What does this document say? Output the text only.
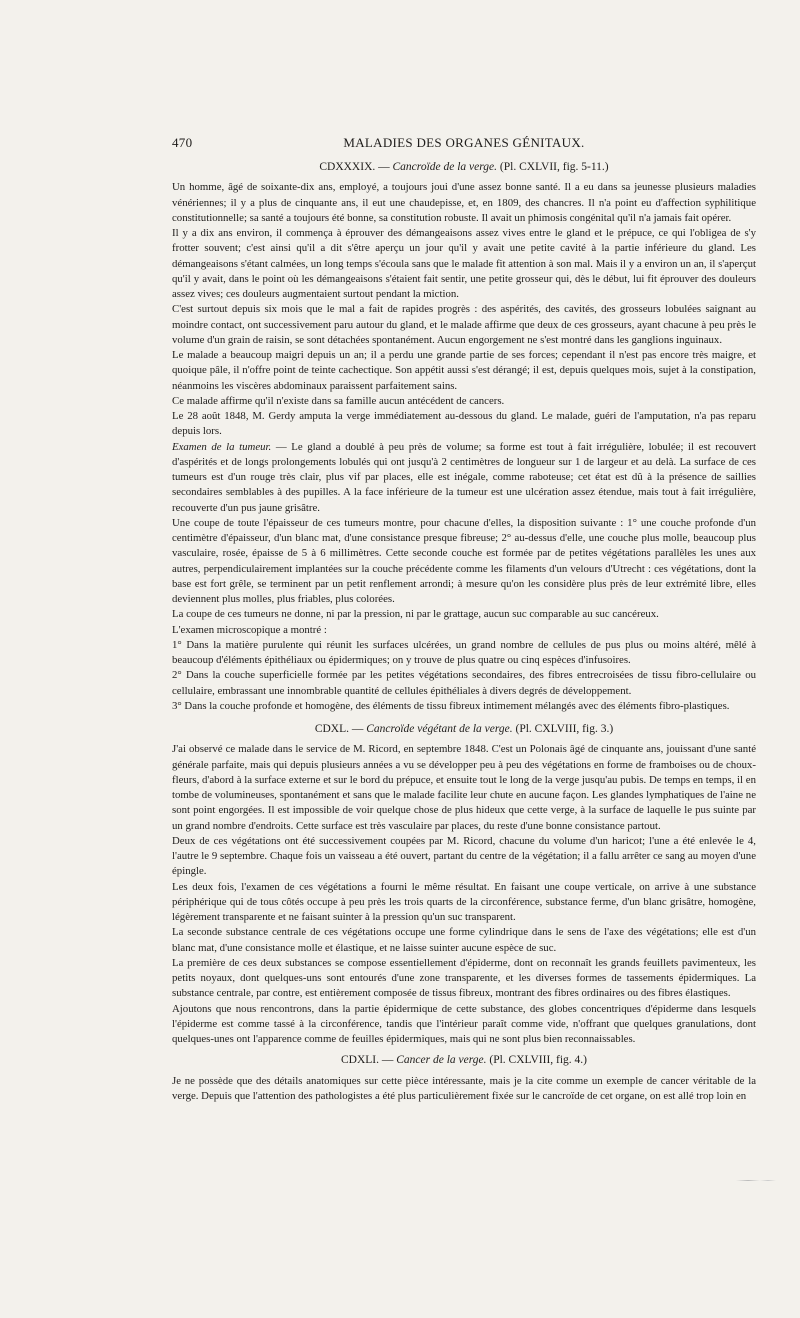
470	MALADIES DES ORGANES GÉNITAUX.
CDXXXIX. — Cancroïde de la verge. (Pl. CXLVII, fig. 5-11.)

Un homme, âgé de soixante-dix ans, employé, a toujours joui d'une assez bonne santé. Il a eu dans sa jeunesse plusieurs maladies vénériennes; il y a plus de cinquante ans, il eut une chaudepisse, et, en 1809, des chancres. Il n'a point eu d'affection syphilitique constitutionnelle; sa santé a toujours été bonne, sa constitution robuste. Il avait un phimosis congénital qu'il n'a jamais fait opérer.

Il y a dix ans environ, il commença à éprouver des démangeaisons assez vives entre le gland et le prépuce, ce qui l'obligea de s'y frotter souvent; c'est ainsi qu'il a dit s'être aperçu un jour qu'il y avait une petite cavité à la partie inférieure du gland. Les démangeaisons s'étant calmées, un long temps s'écoula sans que le malade fit attention à son mal. Mais il y a environ un an, il s'aperçut qu'il y avait, dans le point où les démangeaisons s'étaient fait sentir, une petite grosseur qui, dès le début, lui fit éprouver des douleurs assez vives; ces douleurs augmentaient surtout pendant la miction.

C'est surtout depuis six mois que le mal a fait de rapides progrès : des aspérités, des cavités, des grosseurs lobulées saignant au moindre contact, ont successivement paru autour du gland, et le malade affirme que deux de ces grosseurs, ayant chacune à peu près le volume d'un grain de raisin, se sont détachées spontanément. Aucun engorgement ne s'est montré dans les ganglions inguinaux.

Le malade a beaucoup maigri depuis un an; il a perdu une grande partie de ses forces; cependant il n'est pas encore très maigre, et quoique pâle, il n'offre point de teinte cachectique. Son appétit aussi s'est dérangé; il est, depuis quelques mois, sujet à la constipation, néanmoins les viscères abdominaux paraissent parfaitement sains.

Ce malade affirme qu'il n'existe dans sa famille aucun antécédent de cancers.

Le 28 août 1848, M. Gerdy amputa la verge immédiatement au-dessous du gland. Le malade, guéri de l'amputation, n'a pas reparu depuis lors.

Examen de la tumeur. — Le gland a doublé à peu près de volume; sa forme est tout à fait irrégulière, lobulée; il est recouvert d'aspérités et de longs prolongements lobulés qui ont jusqu'à 2 centimètres de longueur sur 1 de largeur et au delà. La surface de ces tumeurs est d'un rouge très clair, plus vif par places, elle est inégale, comme raboteuse; cet état est dû à la présence de saillies secondaires semblables à des pupilles. A la face inférieure de la tumeur est une ulcération assez étendue, mais tout à fait irrégulière, recouverte d'un pus jaune grisâtre.

Une coupe de toute l'épaisseur de ces tumeurs montre, pour chacune d'elles, la disposition suivante : 1° une couche profonde d'un centimètre d'épaisseur, d'un blanc mat, d'une consistance presque fibreuse; 2° au-dessus d'elle, une couche plus molle, beaucoup plus vasculaire, rosée, épaisse de 5 à 6 millimètres. Cette seconde couche est formée par de petites végétations parallèles les unes aux autres, perpendiculairement implantées sur la couche précédente comme les filaments d'un velours d'Utrecht : ces végétations, dont la base est fort grêle, se terminent par un petit renflement arrondi; à mesure qu'on les considère plus près de leur extrémité libre, elles deviennent plus molles, plus friables, plus colorées.

La coupe de ces tumeurs ne donne, ni par la pression, ni par le grattage, aucun suc comparable au suc cancéreux.

L'examen microscopique a montré :

1° Dans la matière purulente qui réunit les surfaces ulcérées, un grand nombre de cellules de pus plus ou moins altéré, mêlé à beaucoup d'éléments épithéliaux ou épidermiques; on y trouve de plus quatre ou cinq espèces d'infusoires.

2° Dans la couche superficielle formée par les petites végétations secondaires, des fibres entrecroisées de tissu fibro-cellulaire ou cellulaire, embrassant une innombrable quantité de cellules épithéliales à divers degrés de développement.

3° Dans la couche profonde et homogène, des éléments de tissu fibreux intimement mélangés avec des éléments fibro-plastiques.

CDXL. — Cancroïde végétant de la verge. (Pl. CXLVIII, fig. 3.)

J'ai observé ce malade dans le service de M. Ricord, en septembre 1848. C'est un Polonais âgé de cinquante ans, jouissant d'une santé générale parfaite, mais qui depuis plusieurs années a vu se développer peu à peu des végétations en forme de framboises ou de choux-fleurs, d'abord à la surface externe et sur le bord du prépuce, et ensuite tout le long de la verge jusqu'au pubis. De temps en temps, il en tombe de volumineuses, spontanément et sans que le malade facilite leur chute en aucune façon. Les glandes lymphatiques de l'aine ne sont point engorgées. Il est impossible de voir quelque chose de plus hideux que cette verge, à la surface de laquelle le pus suinte par un grand nombre d'endroits. Cette surface est très vasculaire par places, du reste d'une bonne consistance partout.

Deux de ces végétations ont été successivement coupées par M. Ricord, chacune du volume d'un haricot; l'une a été enlevée le 4, l'autre le 9 septembre. Chaque fois un vaisseau a été ouvert, partant du centre de la végétation; il a fallu arrêter ce sang au moyen d'une épingle.

Les deux fois, l'examen de ces végétations a fourni le même résultat. En faisant une coupe verticale, on arrive à une substance périphérique qui de tous côtés occupe à peu près les trois quarts de la circonférence, substance ferme, d'un blanc grisâtre, homogène, légèrement transparente et ne faisant suinter à la pression qu'un suc transparent.

La seconde substance centrale de ces végétations occupe une forme cylindrique dans le sens de l'axe des végétations; elle est d'un blanc mat, d'une consistance molle et élastique, et ne laisse suinter aucune espèce de suc.

La première de ces deux substances se compose essentiellement d'épiderme, dont on reconnaît les grands feuillets pavimenteux, les petits noyaux, dont quelques-uns sont entourés d'une zone transparente, et les diverses formes de tassements épidermiques. La substance centrale, par contre, est entièrement composée de tissus fibreux, montrant des fibres ordinaires ou des fibres élastiques.

Ajoutons que nous rencontrons, dans la partie épidermique de cette substance, des globes concentriques d'épiderme dans lesquels l'épiderme est comme tassé à la circonférence, tandis que l'intérieur paraît comme vide, n'offrant que quelques granulations, dont quelques-unes ont l'apparence comme de feuilles épidermiques, mais qui ne sont plus bien reconnaissables.

CDXLI. — Cancer de la verge. (Pl. CXLVIII, fig. 4.)

Je ne possède que des détails anatomiques sur cette pièce intéressante, mais je la cite comme un exemple de cancer véritable de la verge. Depuis que l'attention des pathologistes a été plus particulièrement fixée sur le cancroïde de cet organe, on est allé trop loin en
